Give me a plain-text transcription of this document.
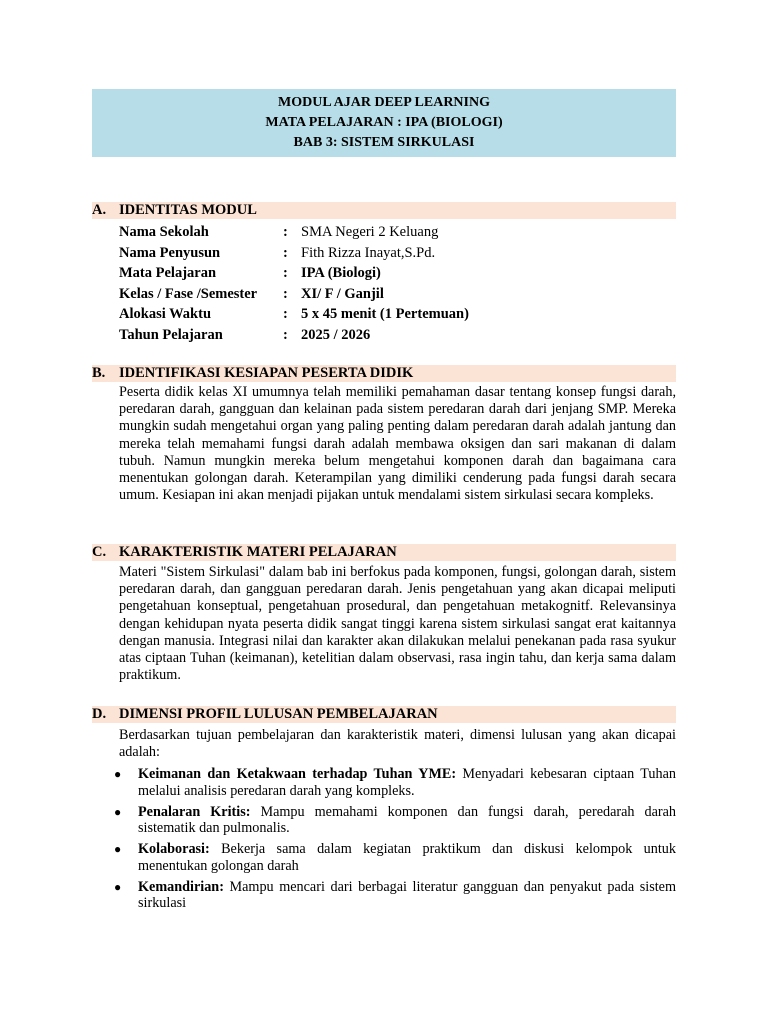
MODUL AJAR DEEP LEARNING
MATA PELAJARAN : IPA (BIOLOGI)
BAB 3: SISTEM SIRKULASI
A. IDENTITAS MODUL
Nama Sekolah	: SMA Negeri 2 Keluang
Nama Penyusun	: Fith Rizza Inayat,S.Pd.
Mata Pelajaran	: IPA (Biologi)
Kelas / Fase /Semester : XI/ F / Ganjil
Alokasi Waktu	: 5 x 45 menit (1 Pertemuan)
Tahun Pelajaran	: 2025 / 2026
B. IDENTIFIKASI KESIAPAN PESERTA DIDIK

Peserta didik kelas XI umumnya telah memiliki pemahaman dasar tentang konsep fungsi darah, peredaran darah, gangguan dan kelainan pada sistem peredaran darah dari jenjang SMP. Mereka mungkin sudah mengetahui organ yang paling penting dalam peredaran darah adalah jantung dan mereka telah memahami fungsi darah adalah membawa oksigen dan sari makanan di dalam tubuh. Namun mungkin mereka belum mengetahui komponen darah dan bagaimana cara menentukan golongan darah. Keterampilan yang dimiliki cenderung pada fungsi darah secara umum. Kesiapan ini akan menjadi pijakan untuk mendalami sistem sirkulasi secara kompleks.

C. KARAKTERISTIK MATERI PELAJARAN

Materi "Sistem Sirkulasi" dalam bab ini berfokus pada komponen, fungsi, golongan darah, sistem peredaran darah, dan gangguan peredaran darah. Jenis pengetahuan yang akan dicapai meliputi pengetahuan konseptual, pengetahuan prosedural, dan pengetahuan metakognitf. Relevansinya dengan kehidupan nyata peserta didik sangat tinggi karena sistem sirkulasi sangat erat kaitannya dengan manusia. Integrasi nilai dan karakter akan dilakukan melalui penekanan pada rasa syukur atas ciptaan Tuhan (keimanan), ketelitian dalam observasi, rasa ingin tahu, dan kerja sama dalam praktikum.

D. DIMENSI PROFIL LULUSAN PEMBELAJARAN

Berdasarkan tujuan pembelajaran dan karakteristik materi, dimensi lulusan yang akan dicapai adalah:

● Keimanan dan Ketakwaan terhadap Tuhan YME: Menyadari kebesaran ciptaan Tuhan melalui analisis peredaran darah yang kompleks.
● Penalaran Kritis: Mampu memahami komponen dan fungsi darah, peredarah darah sistematik dan pulmonalis.
● Kolaborasi: Bekerja sama dalam kegiatan praktikum dan diskusi kelompok untuk menentukan golongan darah
● Kemandirian: Mampu mencari dari berbagai literatur gangguan dan penyakut pada sistem sirkulasi
